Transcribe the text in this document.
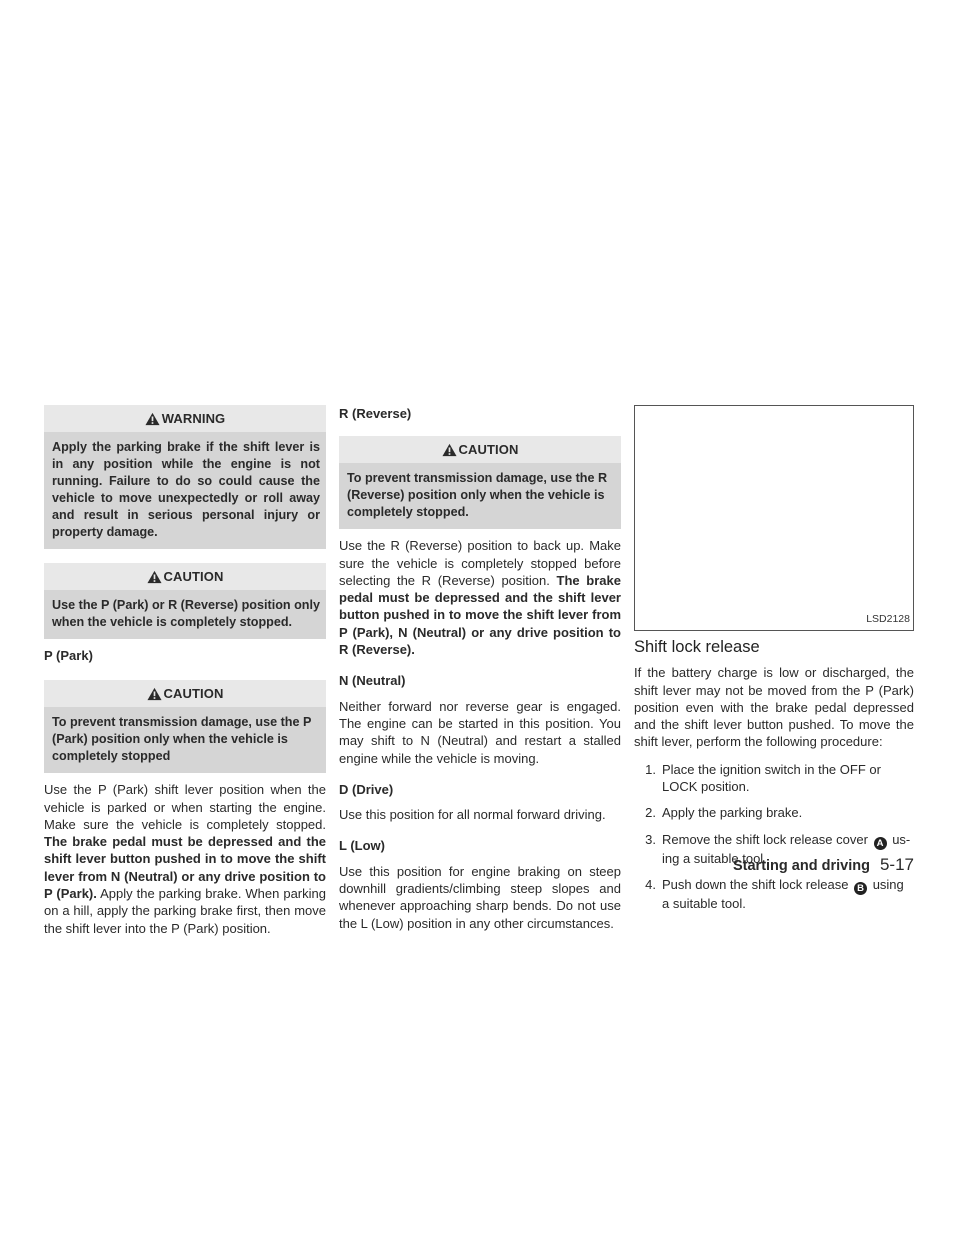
WARNING
Apply the parking brake if the shift lever is in any position while the engine is not running. Failure to do so could cause the vehicle to move unexpectedly or roll away and result in serious personal injury or property damage.
CAUTION
Use the P (Park) or R (Reverse) position only when the vehicle is completely stopped.
P (Park)
CAUTION
To prevent transmission damage, use the P (Park) position only when the vehicle is completely stopped

Use the P (Park) shift lever position when the vehicle is parked or when starting the engine. Make sure the vehicle is completely stopped. The brake pedal must be depressed and the shift lever button pushed in to move the shift lever from N (Neutral) or any drive position to P (Park). Apply the parking brake. When parking on a hill, apply the parking brake first, then move the shift lever into the P (Park) position.

R (Reverse)
CAUTION
To prevent transmission damage, use the R (Reverse) position only when the vehicle is completely stopped.

Use the R (Reverse) position to back up. Make sure the vehicle is completely stopped before selecting the R (Reverse) position. The brake pedal must be depressed and the shift lever button pushed in to move the shift lever from P (Park), N (Neutral) or any drive position to R (Reverse).

N (Neutral)

Neither forward nor reverse gear is engaged. The engine can be started in this position. You may shift to N (Neutral) and restart a stalled engine while the vehicle is moving.

D (Drive)

Use this position for all normal forward driving.

L (Low)

Use this position for engine braking on steep downhill gradients/climbing steep slopes and whenever approaching sharp bends. Do not use the L (Low) position in any other circumstances.

LSD2128
Shift lock release

If the battery charge is low or discharged, the shift lever may not be moved from the P (Park) position even with the brake pedal depressed and the shift lever button pushed. To move the shift lever, perform the following procedure:

1. Place the ignition switch in the OFF or LOCK position.
2. Apply the parking brake.
3. Remove the shift lock release cover A us- ing a suitable tool.
4. Push down the shift lock release B using a suitable tool.
Starting and driving 5-17
